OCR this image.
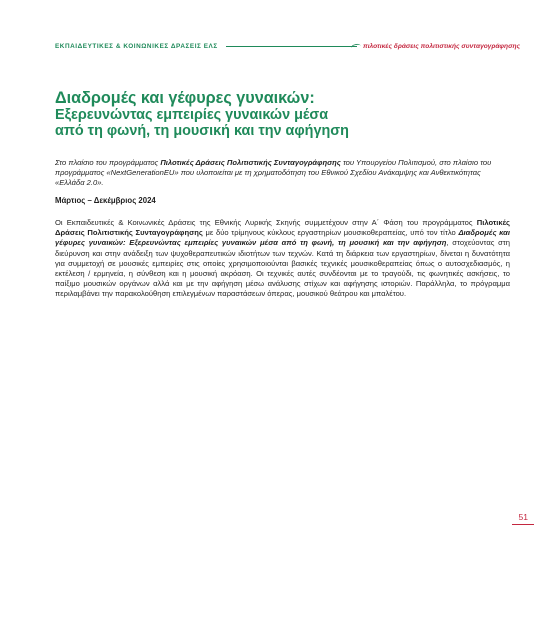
ΕΚΠΑΙΔΕΥΤΙΚΕΣ & ΚΟΙΝΩΝΙΚΕΣ ΔΡΑΣΕΙΣ ΕΛΣ	πιλοτικές δράσεις πολιτιστικής συνταγογράφησης
Διαδρομές και γέφυρες γυναικών:
Εξερευνώντας εμπειρίες γυναικών μέσα
από τη φωνή, τη μουσική και την αφήγηση

Στο πλαίσιο του προγράμματος Πιλοτικές Δράσεις Πολιτιστικής Συνταγογράφησης του Υπουργείου Πολιτισμού, στο πλαίσιο του προγράμματος «NextGenerationEU» που υλοποιείται με τη χρηματοδότηση του Εθνικού Σχεδίου Ανάκαμψης και Ανθεκτικότητας «Ελλάδα 2.0».

Μάρτιος – Δεκέμβριος 2024

Οι Εκπαιδευτικές & Κοινωνικές Δράσεις της Εθνικής Λυρικής Σκηνής συμμετέχουν στην Α΄ Φάση του προγράμματος Πιλοτικές Δράσεις Πολιτιστικής Συνταγογράφησης με δύο τρίμηνους κύκλους εργαστηρίων μουσικοθεραπείας, υπό τον τίτλο Διαδρομές και γέφυρες γυναικών: Εξερευνώντας εμπειρίες γυναικών μέσα από τη φωνή, τη μουσική και την αφήγηση, στοχεύοντας στη διεύρυνση και στην ανάδειξη των ψυχοθεραπευτικών ιδιοτήτων των τεχνών. Κατά τη διάρκεια των εργαστηρίων, δίνεται η δυνατότητα για συμμετοχή σε μουσικές εμπειρίες στις οποίες χρησιμοποιούνται βασικές τεχνικές μουσικοθεραπείας όπως ο αυτοσχεδιασμός, η εκτέλεση / ερμηνεία, η σύνθεση και η μουσική ακρόαση. Οι τεχνικές αυτές συνδέονται με το τραγούδι, τις φωνητικές ασκήσεις, το παίξιμο μουσικών οργάνων αλλά και με την αφήγηση μέσω ανάλυσης στίχων και αφήγησης ιστοριών. Παράλληλα, το πρόγραμμα περιλαμβάνει την παρακολούθηση επιλεγμένων παραστάσεων όπερας, μουσικού θεάτρου και μπαλέτου.

51
